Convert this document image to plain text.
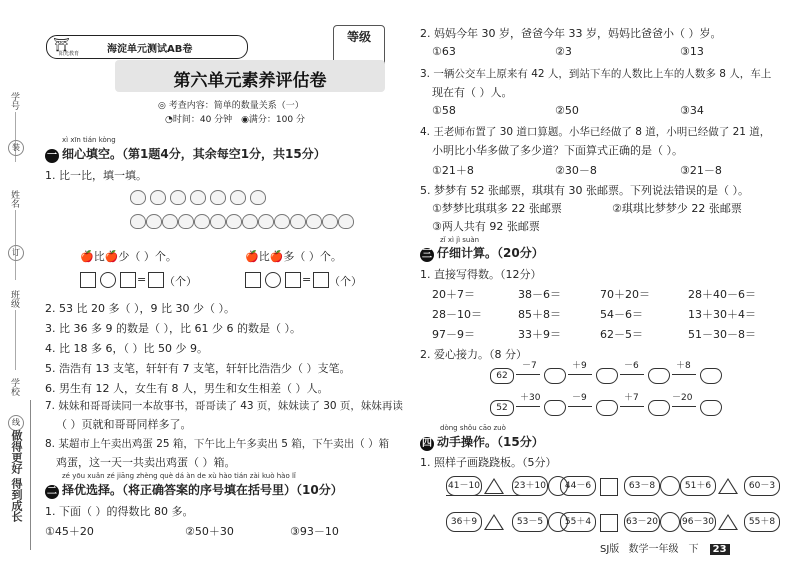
学号
姓名
班级
学校
装
订
线
做得更好 得到成长
⛩
阳光教育	海淀单元测试AB卷
等级
第六单元素养评估卷
◎ 考查内容：简单的数量关系（一）
◔时间：40 分钟 ◉满分：100 分
xì xīn tián kòng
一 细心填空。（第1题4分，其余每空1分，共15分）
1. 比一比，填一填。
🍎比🍎少（ ）个。	🍎比🍎多（ ）个。
= （个）	= （个）
2. 53 比 20 多（ ），9 比 30 少（ ）。
3. 比 36 多 9 的数是（ ），比 61 少 6 的数是（ ）。
4. 比 18 多 6，（ ）比 50 少 9。
5. 浩浩有 13 支笔，轩轩有 7 支笔，轩轩比浩浩少（ ）支笔。
6. 男生有 12 人，女生有 8 人，男生和女生相差（ ）人。
7. 妹妹和哥哥读同一本故事书，哥哥读了 43 页，妹妹读了 30 页，妹妹再读
（ ）页就和哥哥同样多了。
8. 某超市上午卖出鸡蛋 25 箱，下午比上午多卖出 5 箱，下午卖出（ ）箱
鸡蛋，这一天一共卖出鸡蛋（ ）箱。
zé yōu xuǎn zé jiāng zhèng què dá àn de xù hào tián zài kuò hào lǐ
二 择优选择。（将正确答案的序号填在括号里）（10分）
1. 下面（ ）的得数比 80 多。
①45＋20	②50＋30	③93－10
2. 妈妈今年 30 岁，爸爸今年 33 岁，妈妈比爸爸小（ ）岁。
①63	②3	③13
3. 一辆公交车上原来有 42 人，到站下车的人数比上车的人数多 8 人，车上
现在有（ ）人。
①58	②50	③34
4. 王老师布置了 30 道口算题。小华已经做了 8 道，小明已经做了 21 道，
小明比小华多做了多少道？下面算式正确的是（ ）。
①21＋8	②30－8	③21－8
5. 梦梦有 52 张邮票，琪琪有 30 张邮票。下列说法错误的是（ ）。
①梦梦比琪琪多 22 张邮票	②琪琪比梦梦少 22 张邮票
③两人共有 92 张邮票
zǐ xì jì suàn
三 仔细计算。（20分）
1. 直接写得数。（12分）
20＋7＝	38－6＝	70＋20＝	28＋40－6＝
28－10＝	85＋8＝	54－6＝	13＋30＋4＝
97－9＝	33＋9＝	62－5＝	51－30－8＝
2. 爱心接力。（8 分）
62
－7	＋9	－6	＋8
52
＋30	－9	＋7	－20
dòng shǒu cāo zuò
四 动手操作。（15分）
1. 照样子画跷跷板。（5分）
41－10	23＋10	44－6	63－8	51＋6	60－3
36＋9	53－5	55＋4	63－20	96－30	55＋8
SJ版 数学一年级　下 23
